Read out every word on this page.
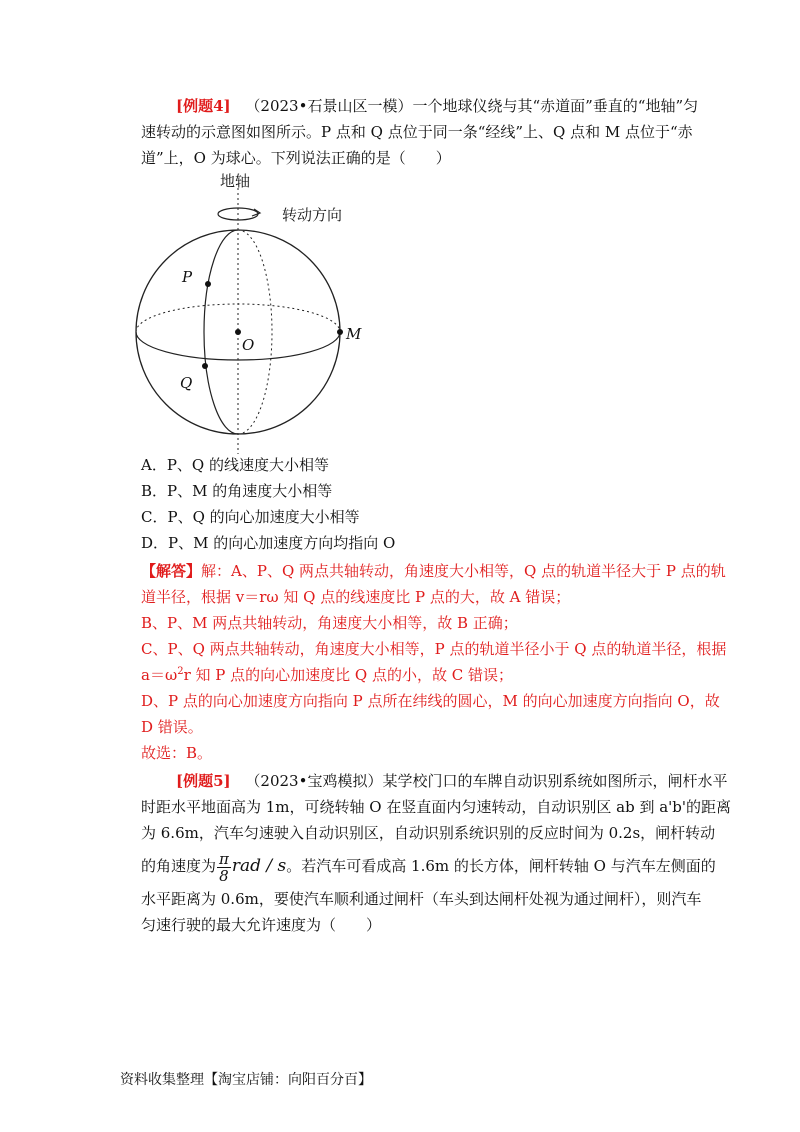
[例题4] （2023•石景山区一模）一个地球仪绕与其“赤道面”垂直的“地轴”匀
速转动的示意图如图所示。P 点和 Q 点位于同一条“经线”上、Q 点和 M 点位于“赤
道”上，O 为球心。下列说法正确的是（　　）
地轴
转动方向
P
O
M
Q
A．P、Q 的线速度大小相等
B．P、M 的角速度大小相等
C．P、Q 的向心加速度大小相等
D．P、M 的向心加速度方向均指向 O
【解答】解：A、P、Q 两点共轴转动，角速度大小相等，Q 点的轨道半径大于 P 点的轨
道半径，根据 v＝rω 知 Q 点的线速度比 P 点的大，故 A 错误；
B、P、M 两点共轴转动，角速度大小相等，故 B 正确；
C、P、Q 两点共轴转动，角速度大小相等，P 点的轨道半径小于 Q 点的轨道半径，根据
$a=\omega^2r$ 知 P 点的向心加速度比 Q 点的小，故 C 错误；
D、P 点的向心加速度方向指向 P 点所在纬线的圆心，M 的向心加速度方向指向 O，故
D 错误。
故选：B。
[例题5] （2023•宝鸡模拟）某学校门口的车牌自动识别系统如图所示，闸杆水平
时距水平地面高为 1m，可绕转轴 O 在竖直面内匀速转动，自动识别区 ab 到 a'b'的距离
为 6.6m，汽车匀速驶入自动识别区，自动识别系统识别的反应时间为 0.2s，闸杆转动
的角速度为 $\frac{\pi}{8}$ rad / s。若汽车可看成高 1.6m 的长方体，闸杆转轴 O 与汽车左侧面的
水平距离为 0.6m，要使汽车顺利通过闸杆（车头到达闸杆处视为通过闸杆），则汽车
匀速行驶的最大允许速度为（　　）
资料收集整理【淘宝店铺：向阳百分百】
